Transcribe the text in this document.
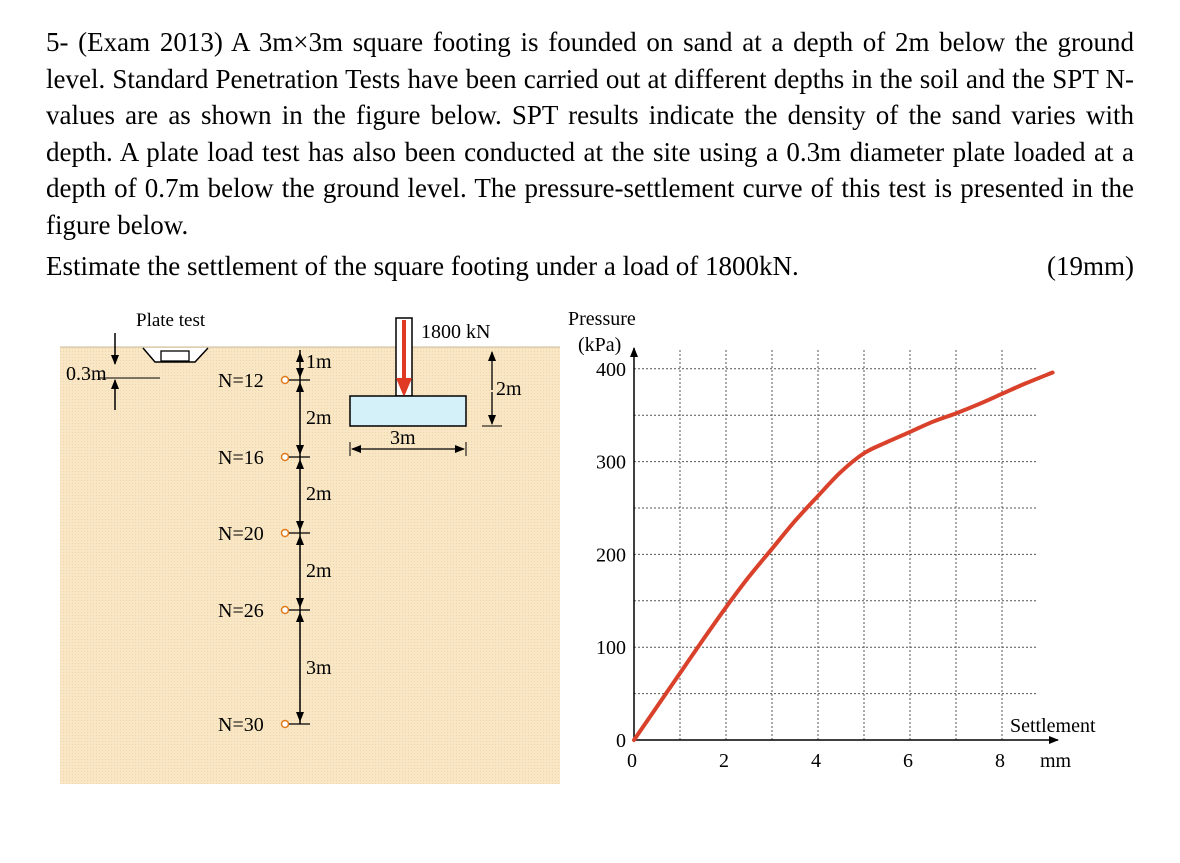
5- (Exam 2013) A 3m×3m square footing is founded on sand at a depth of 2m below the ground level. Standard Penetration Tests have been carried out at different depths in the soil and the SPT N-values are as shown in the figure below. SPT results indicate the density of the sand varies with depth. A plate load test has also been conducted at the site using a 0.3m diameter plate loaded at a depth of 0.7m below the ground level. The pressure-settlement curve of this test is presented in the figure below.

Estimate the settlement of the square footing under a load of 1800kN.	(19mm)
Plate test
0.3m	N=12
N=16
N=20
N=26
N=30
1m
2m
2m
2m
3m
1800 kN
3m
2m
0
100
200
300
400
0	2	4	6	8
Pressure
(kPa)
Settlement
mm
